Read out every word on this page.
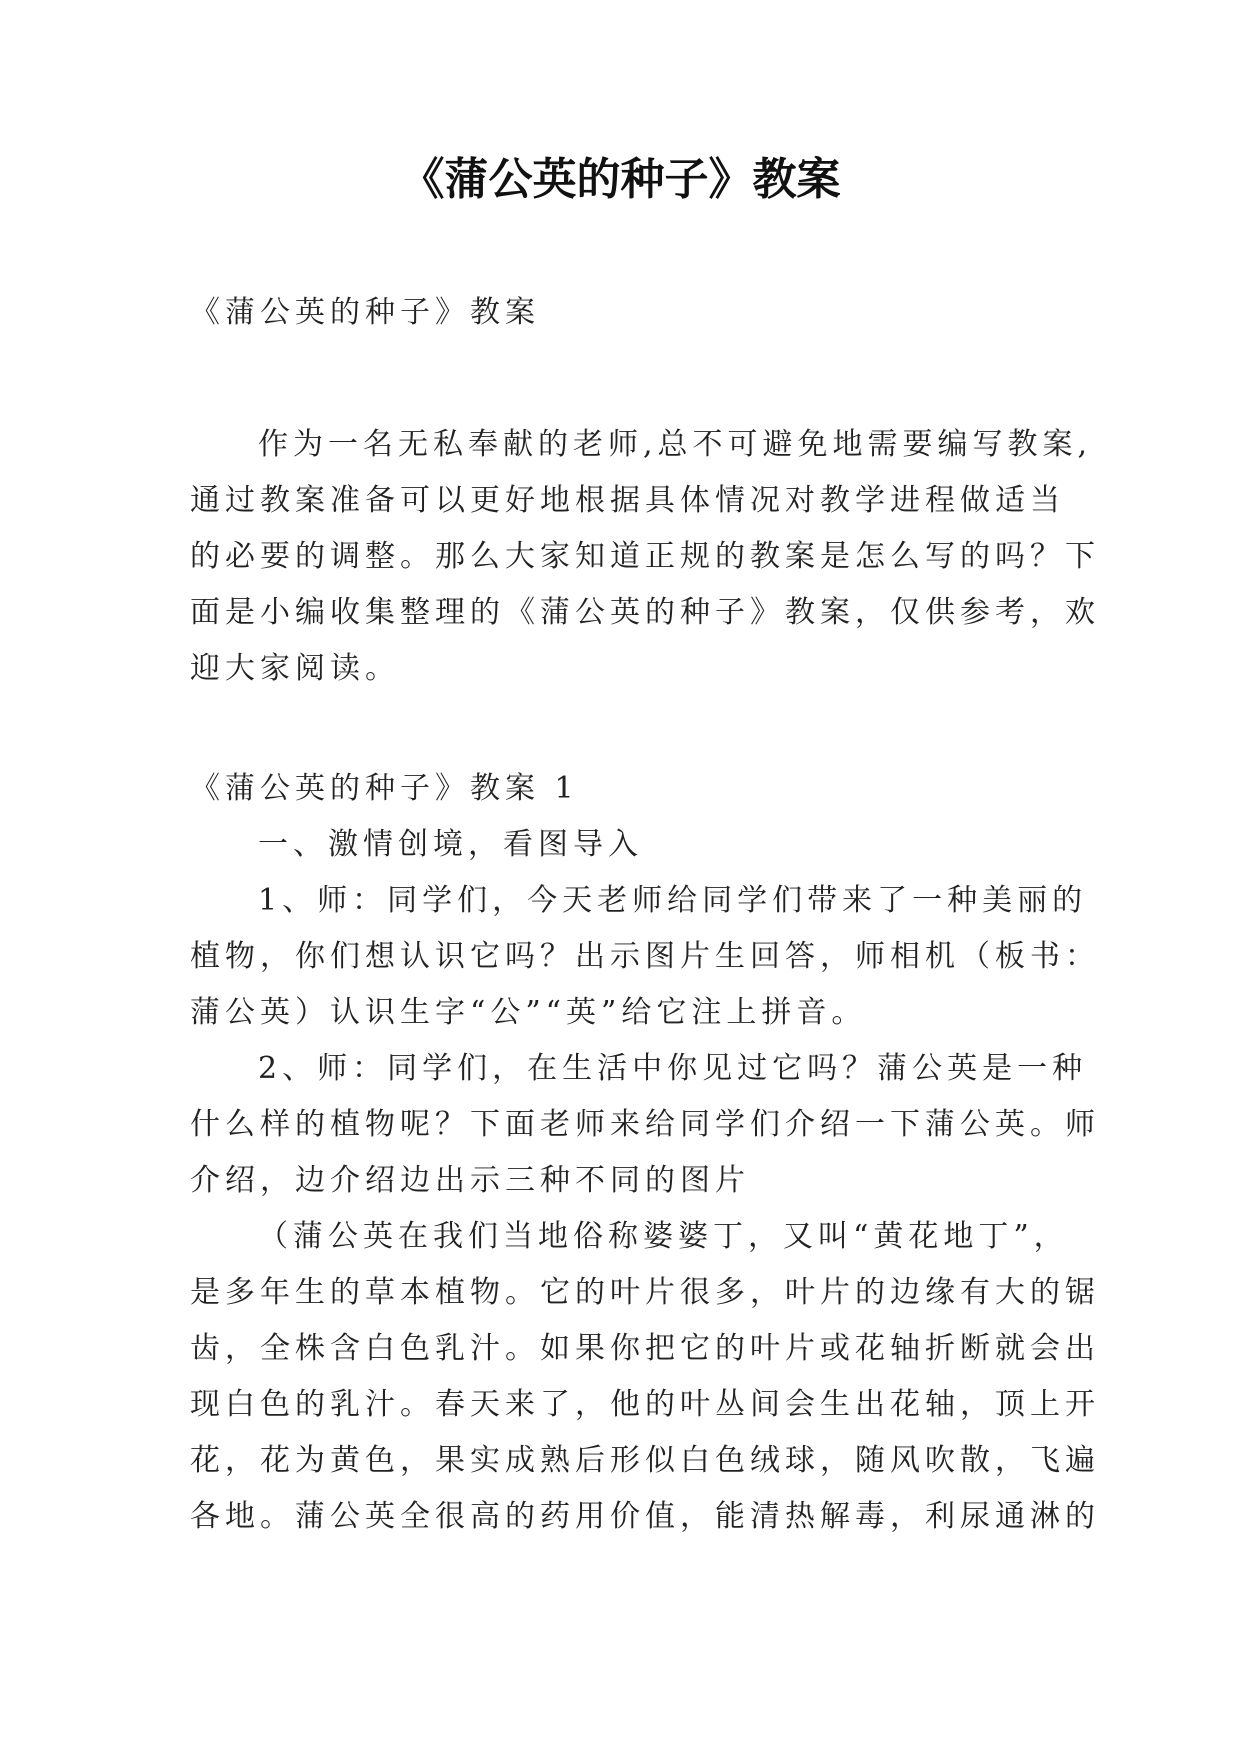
《蒲公英的种子》教案

《蒲公英的种子》教案

作为一名无私奉献的老师,总不可避免地需要编写教案,

通过教案准备可以更好地根据具体情况对教学进程做适当

的必要的调整。那么大家知道正规的教案是怎么写的吗？下

面是小编收集整理的《蒲公英的种子》教案，仅供参考，欢

迎大家阅读。

《蒲公英的种子》教案 1

一、激情创境，看图导入

1、师：同学们，今天老师给同学们带来了一种美丽的

植物，你们想认识它吗？出示图片生回答，师相机（板书：

蒲公英）认识生字“公”“英”给它注上拼音。

2、师：同学们，在生活中你见过它吗？蒲公英是一种

什么样的植物呢？下面老师来给同学们介绍一下蒲公英。师

介绍，边介绍边出示三种不同的图片

（蒲公英在我们当地俗称婆婆丁，又叫“黄花地丁”，

是多年生的草本植物。它的叶片很多，叶片的边缘有大的锯

齿，全株含白色乳汁。如果你把它的叶片或花轴折断就会出

现白色的乳汁。春天来了，他的叶丛间会生出花轴，顶上开

花，花为黄色，果实成熟后形似白色绒球，随风吹散，飞遍

各地。蒲公英全很高的药用价值，能清热解毒，利尿通淋的
